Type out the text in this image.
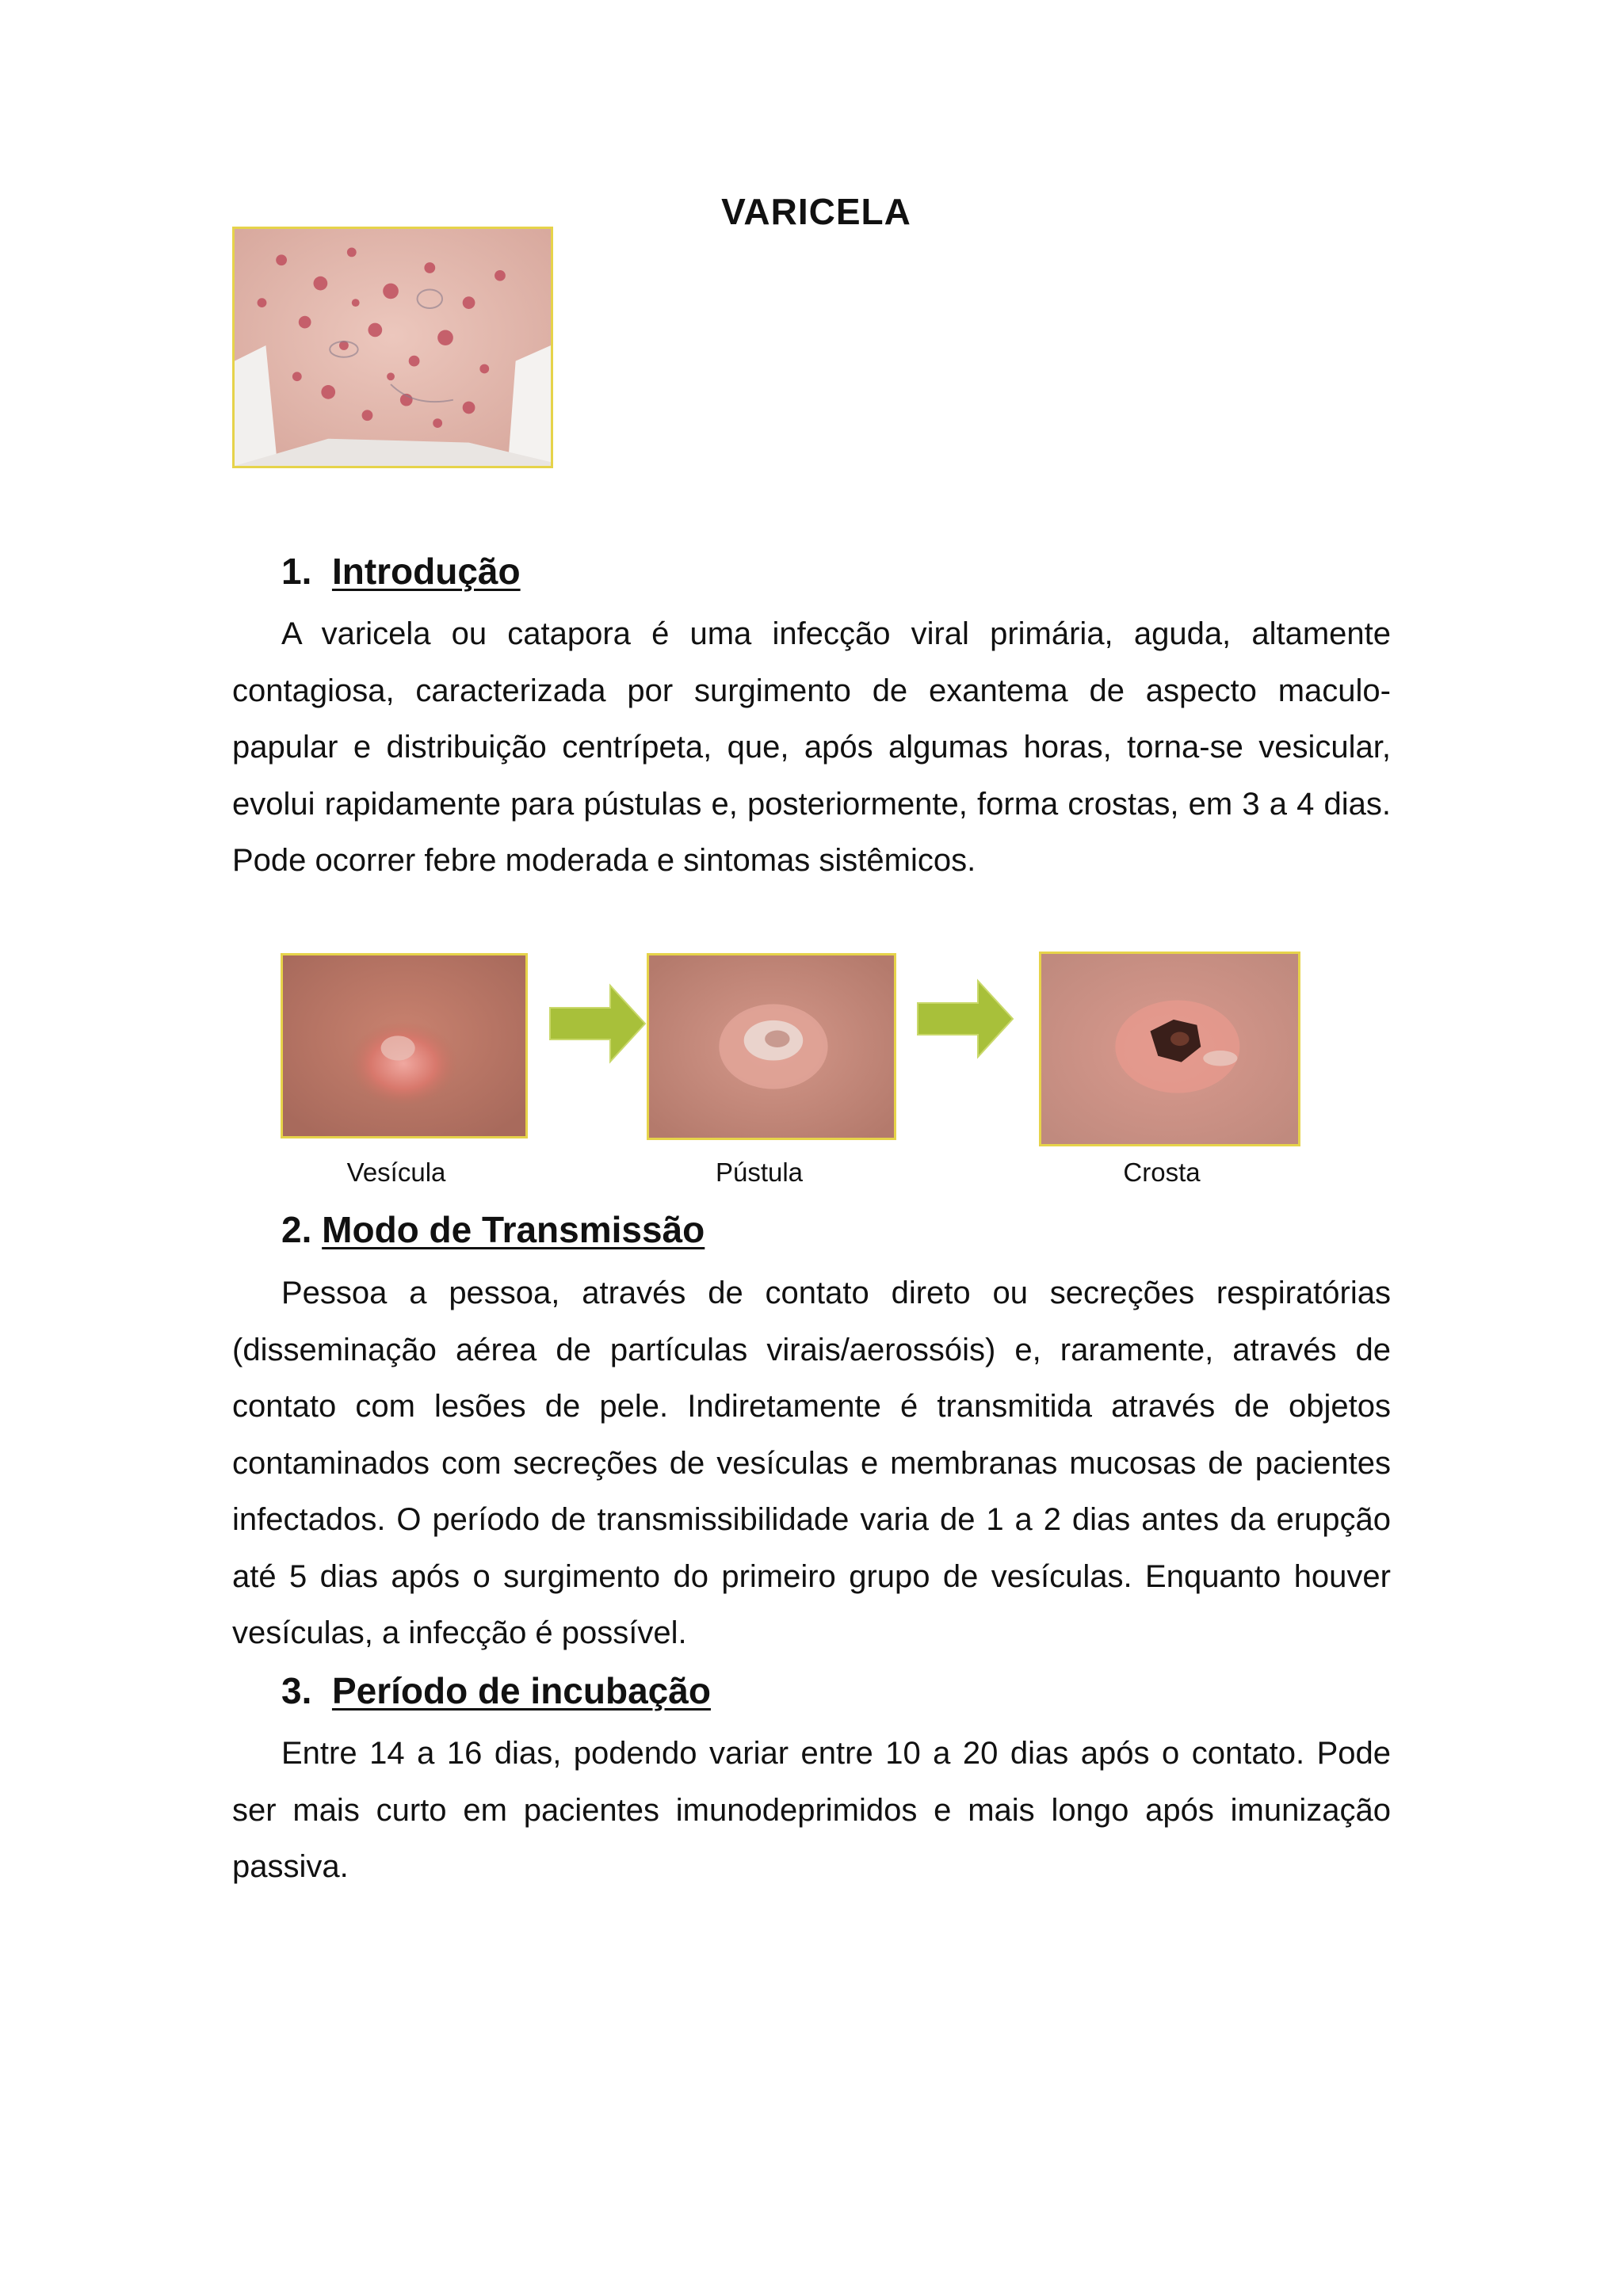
VARICELA
1. Introdução
A varicela ou catapora é uma infecção viral primária, aguda, altamente contagiosa, caracterizada por surgimento de exantema de aspecto maculo-papular e distribuição centrípeta, que, após algumas horas, torna-se vesicular, evolui rapidamente para pústulas e, posteriormente, forma crostas, em 3 a 4 dias. Pode ocorrer febre moderada e sintomas sistêmicos.
Vesícula	Pústula	Crosta
2. Modo de Transmissão
Pessoa a pessoa, através de contato direto ou secreções respiratórias (disseminação aérea de partículas virais/aerossóis) e, raramente, através de contato com lesões de pele. Indiretamente é transmitida através de objetos contaminados com secreções de vesículas e membranas mucosas de pacientes infectados. O período de transmissibilidade varia de 1 a 2 dias antes da erupção até 5 dias após o surgimento do primeiro grupo de vesículas. Enquanto houver vesículas, a infecção é possível.
3. Período de incubação
Entre 14 a 16 dias, podendo variar entre 10 a 20 dias após o contato. Pode ser mais curto em pacientes imunodeprimidos e mais longo após imunização passiva.
